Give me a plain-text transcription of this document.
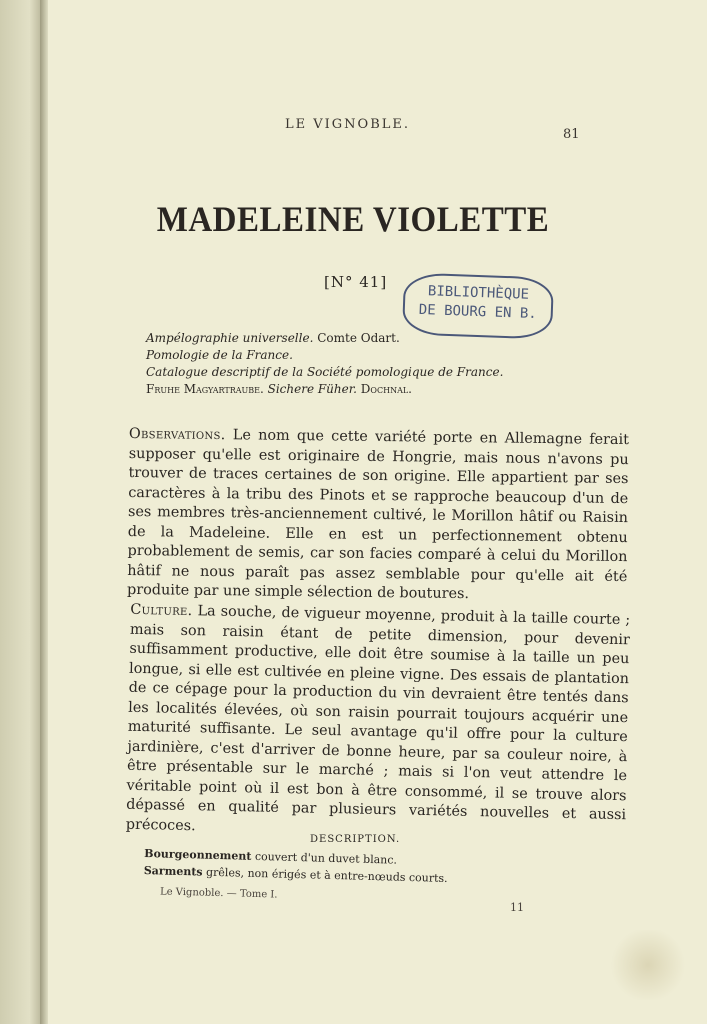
LE VIGNOBLE.
81
MADELEINE VIOLETTE
[N° 41]
BIBLIOTHÈQUE
DE BOURG EN B.
Ampélographie universelle. Comte Odart.
Pomologie de la France.
Catalogue descriptif de la Société pomologique de France.
Fruhe Magyartraube. Sichere Füher. Dochnal.
Observations. Le nom que cette variété porte en Allemagne ferait supposer qu'elle est originaire de Hongrie, mais nous n'avons pu trouver de traces certaines de son origine. Elle appartient par ses caractères à la tribu des Pinots et se rapproche beaucoup d'un de ses membres très-anciennement cultivé, le Morillon hâtif ou Raisin de la Madeleine. Elle en est un perfectionnement obtenu probablement de semis, car son facies comparé à celui du Morillon hâtif ne nous paraît pas assez semblable pour qu'elle ait été produite par une simple sélection de boutures.
Culture. La souche, de vigueur moyenne, produit à la taille courte ; mais son raisin étant de petite dimension, pour devenir suffisamment productive, elle doit être soumise à la taille un peu longue, si elle est cultivée en pleine vigne. Des essais de plantation de ce cépage pour la production du vin devraient être tentés dans les localités élevées, où son raisin pourrait toujours acquérir une maturité suffisante. Le seul avantage qu'il offre pour la culture jardinière, c'est d'arriver de bonne heure, par sa couleur noire, à être présentable sur le marché ; mais si l'on veut attendre le véritable point où il est bon à être consommé, il se trouve alors dépassé en qualité par plusieurs variétés nouvelles et aussi précoces.
DESCRIPTION.
Bourgeonnement couvert d'un duvet blanc.
Sarments grêles, non érigés et à entre-nœuds courts.
Le Vignoble. — Tome I.
11
